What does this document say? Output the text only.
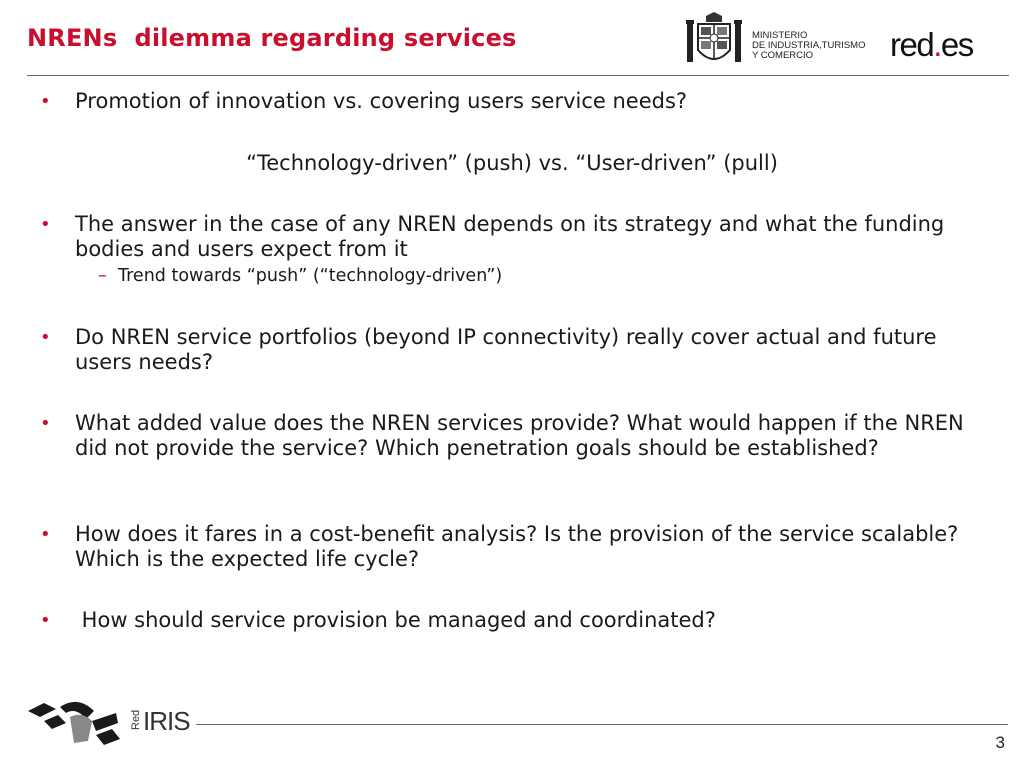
NRENs  dilemma regarding services	MINISTERIO
DE INDUSTRIA,TURISMO
Y COMERCIO	red.es
• Promotion of innovation vs. covering users service needs?
“Technology-driven” (push) vs. “User-driven” (pull)
• The answer in the case of any NREN depends on its strategy and what the funding bodies and users expect from it
– Trend towards “push” (“technology-driven”)
• Do NREN service portfolios (beyond IP connectivity) really cover actual and future users needs?
• What added value does the NREN services provide? What would happen if the NREN did not provide the service? Which penetration goals should be established?
• How does it fares in a cost-benefit analysis? Is the provision of the service scalable? Which is the expected life cycle?
• How should service provision be managed and coordinated?
Red IRIS
3
